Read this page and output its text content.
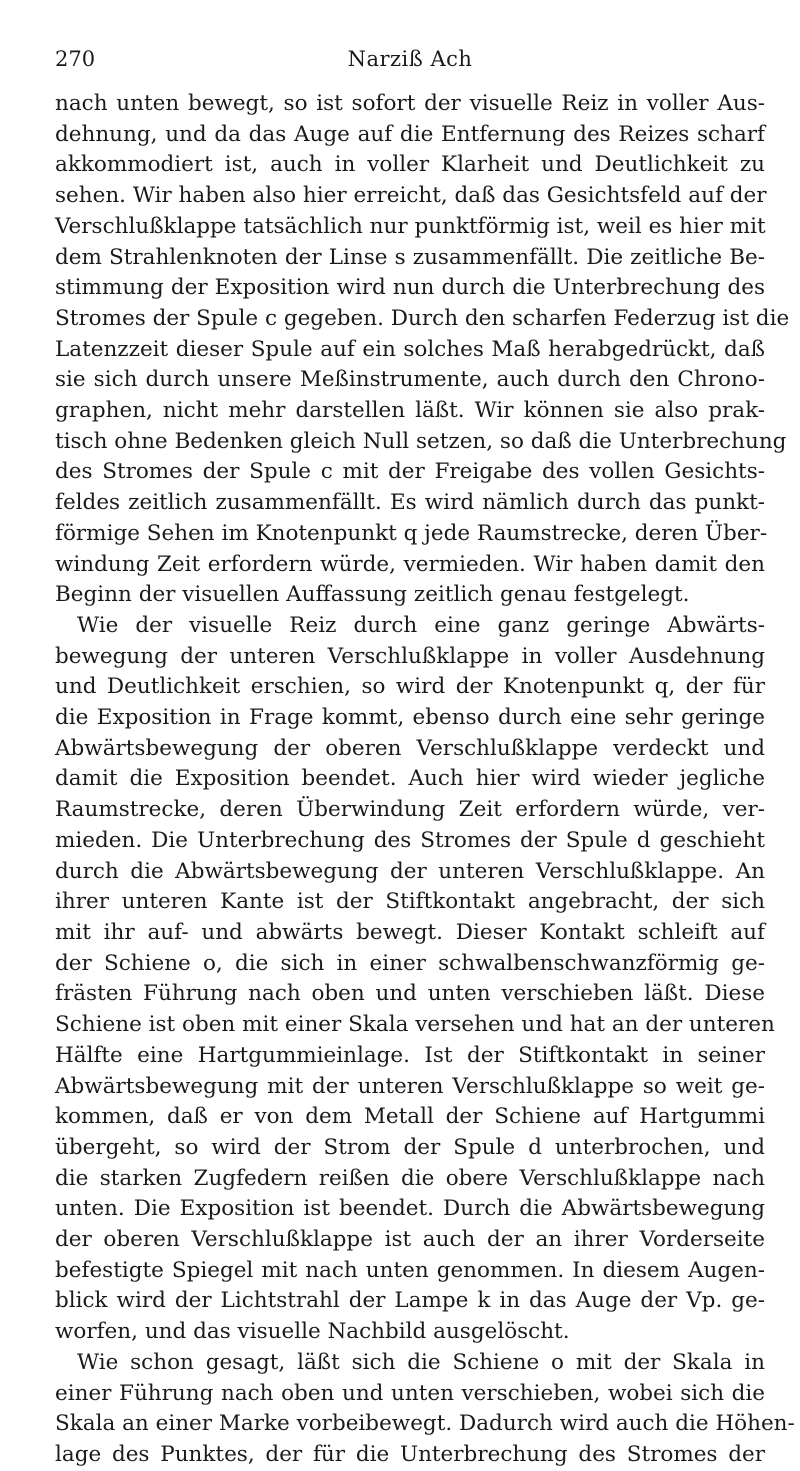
270	Narziß Ach
nach unten bewegt, so ist sofort der visuelle Reiz in voller Aus-
dehnung, und da das Auge auf die Entfernung des Reizes scharf
akkommodiert ist, auch in voller Klarheit und Deutlichkeit zu
sehen. Wir haben also hier erreicht, daß das Gesichtsfeld auf der
Verschlußklappe tatsächlich nur punktförmig ist, weil es hier mit
dem Strahlenknoten der Linse s zusammenfällt. Die zeitliche Be-
stimmung der Exposition wird nun durch die Unterbrechung des
Stromes der Spule c gegeben. Durch den scharfen Federzug ist die
Latenzzeit dieser Spule auf ein solches Maß herabgedrückt, daß
sie sich durch unsere Meßinstrumente, auch durch den Chrono-
graphen, nicht mehr darstellen läßt. Wir können sie also prak-
tisch ohne Bedenken gleich Null setzen, so daß die Unterbrechung
des Stromes der Spule c mit der Freigabe des vollen Gesichts-
feldes zeitlich zusammenfällt. Es wird nämlich durch das punkt-
förmige Sehen im Knotenpunkt q jede Raumstrecke, deren Über-
windung Zeit erfordern würde, vermieden. Wir haben damit den
Beginn der visuellen Auffassung zeitlich genau festgelegt.
Wie der visuelle Reiz durch eine ganz geringe Abwärts-
bewegung der unteren Verschlußklappe in voller Ausdehnung
und Deutlichkeit erschien, so wird der Knotenpunkt q, der für
die Exposition in Frage kommt, ebenso durch eine sehr geringe
Abwärtsbewegung der oberen Verschlußklappe verdeckt und
damit die Exposition beendet. Auch hier wird wieder jegliche
Raumstrecke, deren Überwindung Zeit erfordern würde, ver-
mieden. Die Unterbrechung des Stromes der Spule d geschieht
durch die Abwärtsbewegung der unteren Verschlußklappe. An
ihrer unteren Kante ist der Stiftkontakt angebracht, der sich
mit ihr auf- und abwärts bewegt. Dieser Kontakt schleift auf
der Schiene o, die sich in einer schwalbenschwanzförmig ge-
frästen Führung nach oben und unten verschieben läßt. Diese
Schiene ist oben mit einer Skala versehen und hat an der unteren
Hälfte eine Hartgummieinlage. Ist der Stiftkontakt in seiner
Abwärtsbewegung mit der unteren Verschlußklappe so weit ge-
kommen, daß er von dem Metall der Schiene auf Hartgummi
übergeht, so wird der Strom der Spule d unterbrochen, und
die starken Zugfedern reißen die obere Verschlußklappe nach
unten. Die Exposition ist beendet. Durch die Abwärtsbewegung
der oberen Verschlußklappe ist auch der an ihrer Vorderseite
befestigte Spiegel mit nach unten genommen. In diesem Augen-
blick wird der Lichtstrahl der Lampe k in das Auge der Vp. ge-
worfen, und das visuelle Nachbild ausgelöscht.
Wie schon gesagt, läßt sich die Schiene o mit der Skala in
einer Führung nach oben und unten verschieben, wobei sich die
Skala an einer Marke vorbeibewegt. Dadurch wird auch die Höhen-
lage des Punktes, der für die Unterbrechung des Stromes der
